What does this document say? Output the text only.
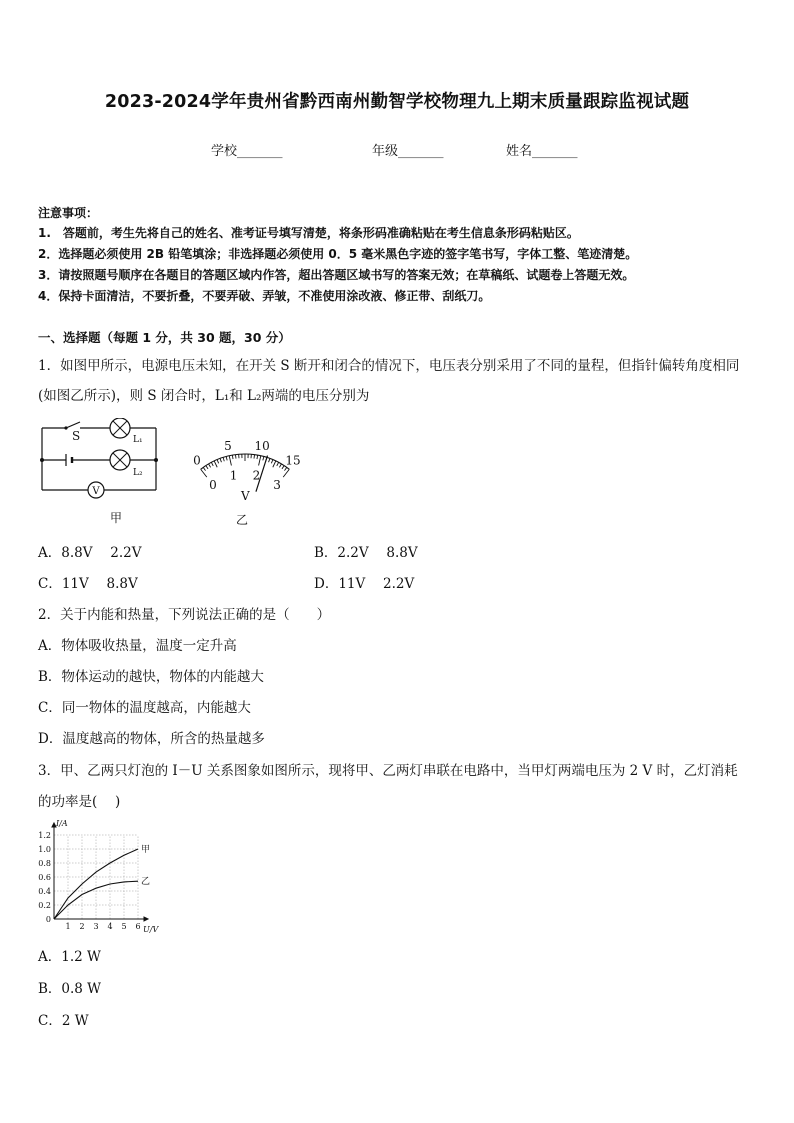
2023-2024学年贵州省黔西南州勤智学校物理九上期末质量跟踪监视试题
学校_______	年级_______	姓名_______
注意事项：
1.　答题前，考生先将自己的姓名、准考证号填写清楚，将条形码准确粘贴在考生信息条形码粘贴区。
2．选择题必须使用 2B 铅笔填涂；非选择题必须使用 0．5 毫米黑色字迹的签字笔书写，字体工整、笔迹清楚。
3．请按照题号顺序在各题目的答题区域内作答，超出答题区域书写的答案无效；在草稿纸、试题卷上答题无效。
4．保持卡面清洁，不要折叠，不要弄破、弄皱，不准使用涂改液、修正带、刮纸刀。
一、选择题（每题 1 分，共 30 题，30 分）
1．如图甲所示，电源电压未知，在开关 S 断开和闭合的情况下，电压表分别采用了不同的量程，但指针偏转角度相同
(如图乙所示)，则 S 闭合时，L₁和 L₂两端的电压分别为
V
S	L₁
L₂
甲
0
5 10
15
0
1 2
3
V
乙
A．8.8V　 2.2V	B．2.2V　 8.8V
C．11V　 8.8V	D．11V　 2.2V
2．关于内能和热量，下列说法正确的是（　　）
A．物体吸收热量，温度一定升高
B．物体运动的越快，物体的内能越大
C．同一物体的温度越高，内能越大
D．温度越高的物体，所含的热量越多
3．甲、乙两只灯泡的 I－U 关系图象如图所示，现将甲、乙两灯串联在电路中，当甲灯两端电压为 2 V 时，乙灯消耗
的功率是(　 )
1 2 3 4 5 6
0.2
0.4
0.6
0.8
1.0
1.2
0
甲
乙
I/A
U/V
A．1.2 W
B．0.8 W
C．2 W
